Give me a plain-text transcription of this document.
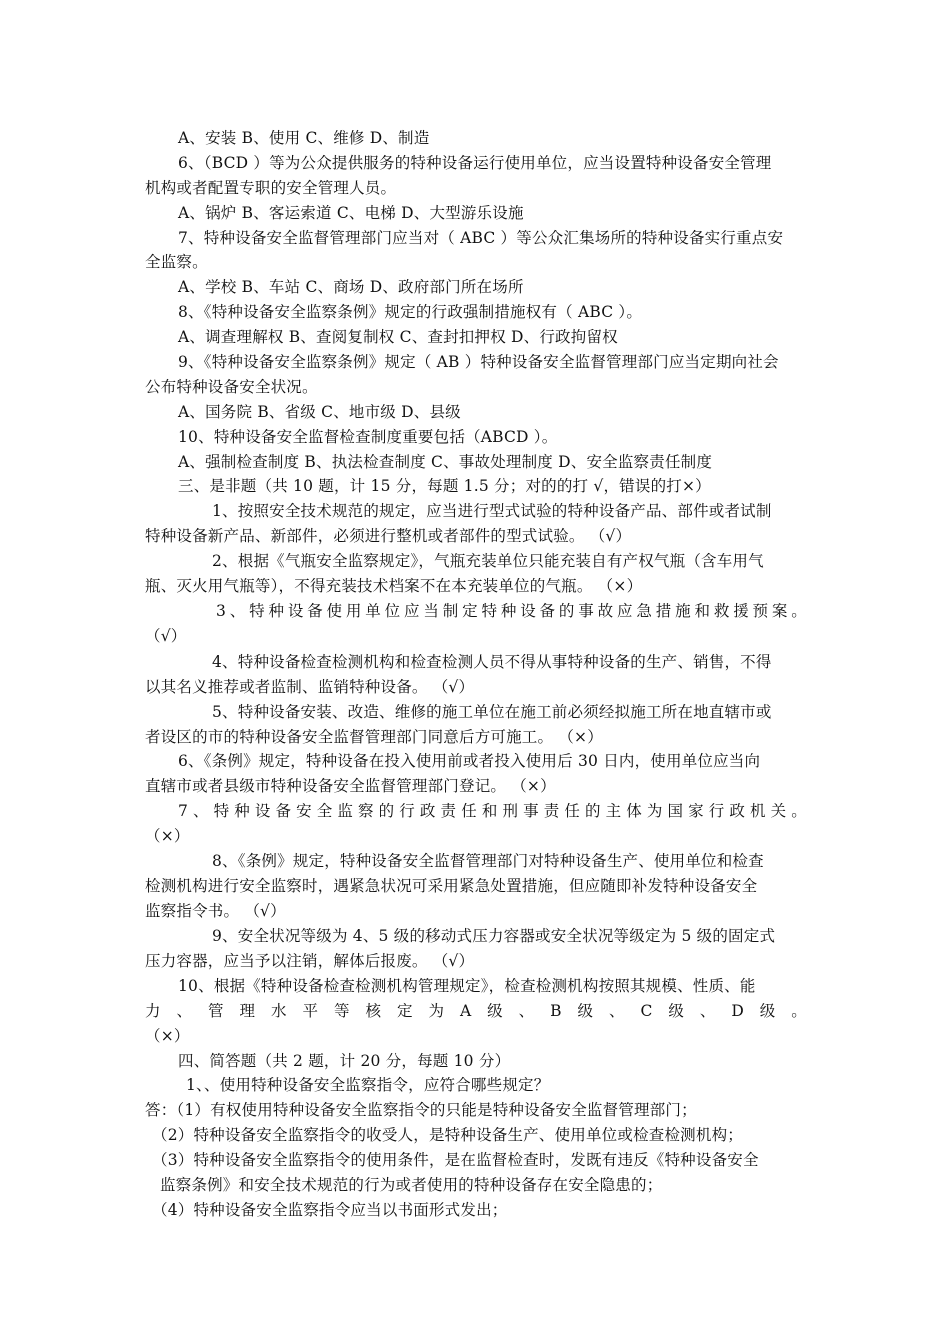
A、安装 B、使用 C、维修 D、制造
6、（BCD ）等为公众提供服务的特种设备运行使用单位，应当设置特种设备安全管理
机构或者配置专职的安全管理人员。
A、锅炉 B、客运索道 C、电梯 D、大型游乐设施
7、特种设备安全监督管理部门应当对（ ABC ）等公众汇集场所的特种设备实行重点安
全监察。
A、学校 B、车站 C、商场 D、政府部门所在场所
8、《特种设备安全监察条例》规定的行政强制措施权有（ ABC ）。
A、调查理解权 B、查阅复制权 C、查封扣押权 D、行政拘留权
9、《特种设备安全监察条例》规定（ AB ）特种设备安全监督管理部门应当定期向社会
公布特种设备安全状况。
A、国务院 B、省级 C、地市级 D、县级
10、特种设备安全监督检查制度重要包括（ABCD ）。
A、强制检查制度 B、执法检查制度 C、事故处理制度 D、安全监察责任制度
三、是非题（共 10 题，计 15 分，每题 1.5 分；对的的打 √，错误的打×）
1、按照安全技术规范的规定，应当进行型式试验的特种设备产品、部件或者试制
特种设备新产品、新部件，必须进行整机或者部件的型式试验。 （√）
2、根据《气瓶安全监察规定》，气瓶充装单位只能充装自有产权气瓶（含车用气
瓶、灭火用气瓶等），不得充装技术档案不在本充装单位的气瓶。 （×）
3、特种设备使用单位应当制定特种设备的事故应急措施和救援预案。
（√）
4、特种设备检查检测机构和检查检测人员不得从事特种设备的生产、销售，不得
以其名义推荐或者监制、监销特种设备。 （√）
5、特种设备安装、改造、维修的施工单位在施工前必须经拟施工所在地直辖市或
者设区的市的特种设备安全监督管理部门同意后方可施工。 （×）
6、《条例》规定，特种设备在投入使用前或者投入使用后 30 日内，使用单位应当向
直辖市或者县级市特种设备安全监督管理部门登记。 （×）
7、特种设备安全监察的行政责任和刑事责任的主体为国家行政机关。
（×）
8、《条例》规定，特种设备安全监督管理部门对特种设备生产、使用单位和检查
检测机构进行安全监察时，遇紧急状况可采用紧急处置措施，但应随即补发特种设备安全
监察指令书。 （√）
9、安全状况等级为 4、5 级的移动式压力容器或安全状况等级定为 5 级的固定式
压力容器，应当予以注销，解体后报废。 （√）
10、根据《特种设备检查检测机构管理规定》，检查检测机构按照其规模、性质、能
力、管理水平等核定为A级、B级、C级、D级。
（×）
四、简答题（共 2 题，计 20 分，每题 10 分）
1、、使用特种设备安全监察指令，应符合哪些规定？
答：（1）有权使用特种设备安全监察指令的只能是特种设备安全监督管理部门；
（2）特种设备安全监察指令的收受人，是特种设备生产、使用单位或检查检测机构；
（3）特种设备安全监察指令的使用条件，是在监督检查时，发既有违反《特种设备安全
监察条例》和安全技术规范的行为或者使用的特种设备存在安全隐患的；
（4）特种设备安全监察指令应当以书面形式发出；
